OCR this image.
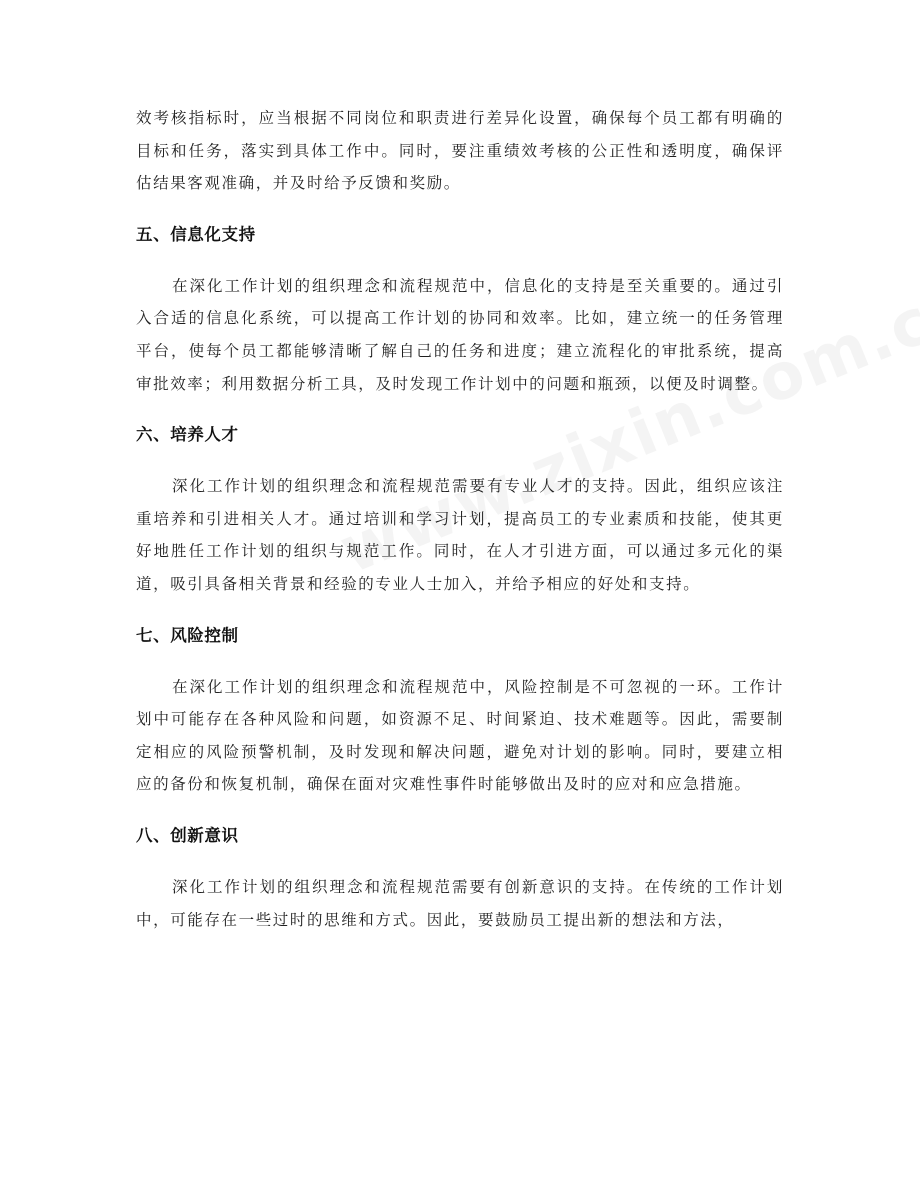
效考核指标时，应当根据不同岗位和职责进行差异化设置，确保每个员工都有明确的目标和任务，落实到具体工作中。同时，要注重绩效考核的公正性和透明度，确保评估结果客观准确，并及时给予反馈和奖励。

五、信息化支持

在深化工作计划的组织理念和流程规范中，信息化的支持是至关重要的。通过引入合适的信息化系统，可以提高工作计划的协同和效率。比如，建立统一的任务管理平台，使每个员工都能够清晰了解自己的任务和进度；建立流程化的审批系统，提高审批效率；利用数据分析工具，及时发现工作计划中的问题和瓶颈，以便及时调整。

六、培养人才

深化工作计划的组织理念和流程规范需要有专业人才的支持。因此，组织应该注重培养和引进相关人才。通过培训和学习计划，提高员工的专业素质和技能，使其更好地胜任工作计划的组织与规范工作。同时，在人才引进方面，可以通过多元化的渠道，吸引具备相关背景和经验的专业人士加入，并给予相应的好处和支持。

七、风险控制

在深化工作计划的组织理念和流程规范中，风险控制是不可忽视的一环。工作计划中可能存在各种风险和问题，如资源不足、时间紧迫、技术难题等。因此，需要制定相应的风险预警机制，及时发现和解决问题，避免对计划的影响。同时，要建立相应的备份和恢复机制，确保在面对灾难性事件时能够做出及时的应对和应急措施。

八、创新意识

深化工作计划的组织理念和流程规范需要有创新意识的支持。在传统的工作计划中，可能存在一些过时的思维和方式。因此，要鼓励员工提出新的想法和方法，
